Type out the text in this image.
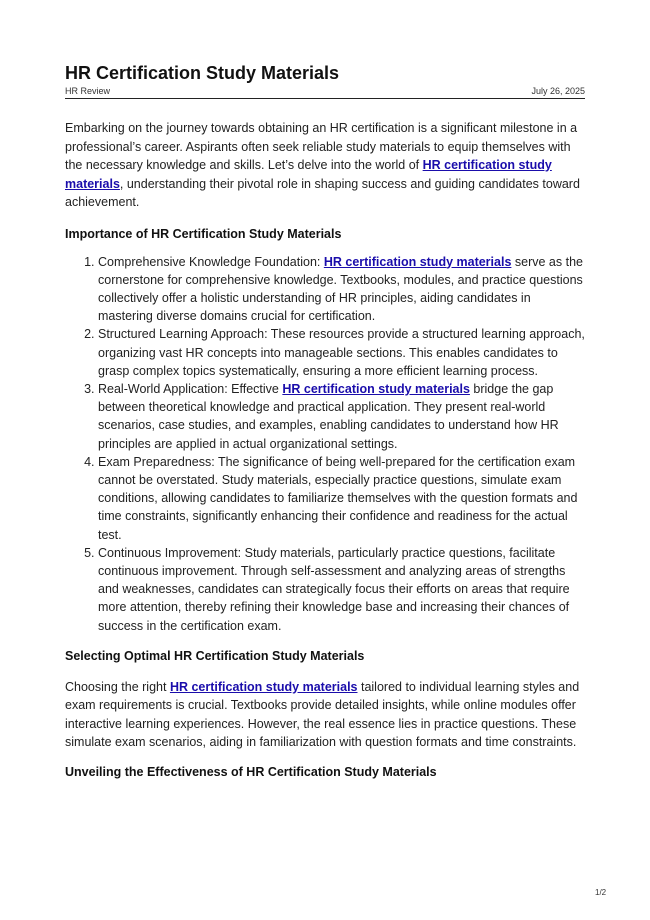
HR Certification Study Materials
HR Review	July 26, 2025

Embarking on the journey towards obtaining an HR certification is a significant milestone in a professional’s career. Aspirants often seek reliable study materials to equip themselves with the necessary knowledge and skills. Let’s delve into the world of HR certification study materials, understanding their pivotal role in shaping success and guiding candidates toward achievement.

Importance of HR Certification Study Materials
1. Comprehensive Knowledge Foundation: HR certification study materials serve as the cornerstone for comprehensive knowledge. Textbooks, modules, and practice questions collectively offer a holistic understanding of HR principles, aiding candidates in mastering diverse domains crucial for certification.
2. Structured Learning Approach: These resources provide a structured learning approach, organizing vast HR concepts into manageable sections. This enables candidates to grasp complex topics systematically, ensuring a more efficient learning process.
3. Real-World Application: Effective HR certification study materials bridge the gap between theoretical knowledge and practical application. They present real-world scenarios, case studies, and examples, enabling candidates to understand how HR principles are applied in actual organizational settings.
4. Exam Preparedness: The significance of being well-prepared for the certification exam cannot be overstated. Study materials, especially practice questions, simulate exam conditions, allowing candidates to familiarize themselves with the question formats and time constraints, significantly enhancing their confidence and readiness for the actual test.
5. Continuous Improvement: Study materials, particularly practice questions, facilitate continuous improvement. Through self-assessment and analyzing areas of strengths and weaknesses, candidates can strategically focus their efforts on areas that require more attention, thereby refining their knowledge base and increasing their chances of success in the certification exam.
Selecting Optimal HR Certification Study Materials

Choosing the right HR certification study materials tailored to individual learning styles and exam requirements is crucial. Textbooks provide detailed insights, while online modules offer interactive learning experiences. However, the real essence lies in practice questions. These simulate exam scenarios, aiding in familiarization with question formats and time constraints.

Unveiling the Effectiveness of HR Certification Study Materials
1/2
